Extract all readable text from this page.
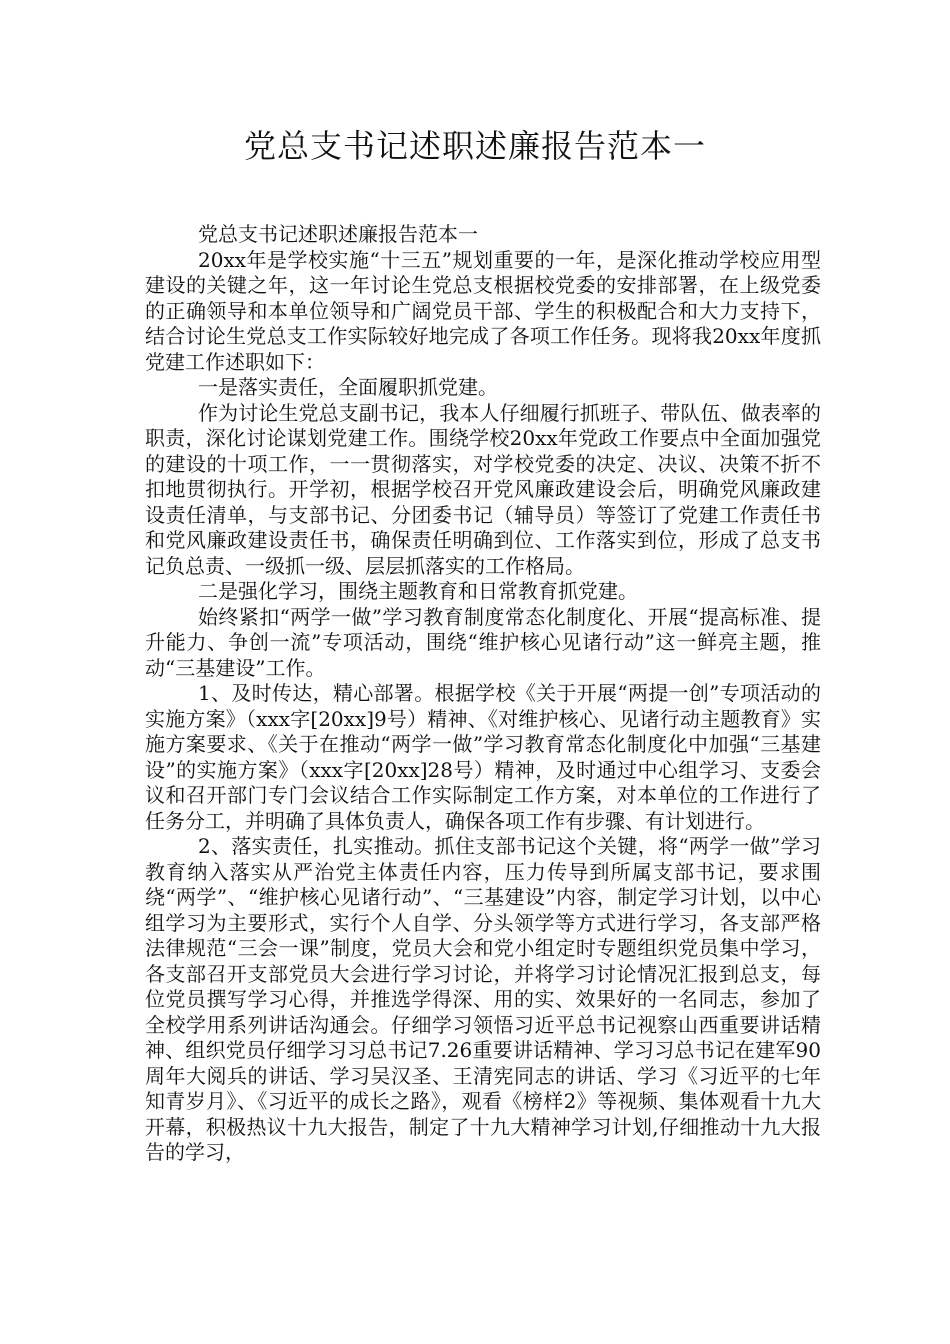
党总支书记述职述廉报告范本一

党总支书记述职述廉报告范本一

20xx年是学校实施“十三五”规划重要的一年，是深化推动学校应用型建设的关键之年，这一年讨论生党总支根据校党委的安排部署，在上级党委的正确领导和本单位领导和广阔党员干部、学生的积极配合和大力支持下，结合讨论生党总支工作实际较好地完成了各项工作任务。现将我20xx年度抓党建工作述职如下：

一是落实责任，全面履职抓党建。

作为讨论生党总支副书记，我本人仔细履行抓班子、带队伍、做表率的职责，深化讨论谋划党建工作。围绕学校20xx年党政工作要点中全面加强党的建设的十项工作，一一贯彻落实，对学校党委的决定、决议、决策不折不扣地贯彻执行。开学初，根据学校召开党风廉政建设会后，明确党风廉政建设责任清单，与支部书记、分团委书记（辅导员）等签订了党建工作责任书和党风廉政建设责任书，确保责任明确到位、工作落实到位，形成了总支书记负总责、一级抓一级、层层抓落实的工作格局。

二是强化学习，围绕主题教育和日常教育抓党建。

始终紧扣“两学一做”学习教育制度常态化制度化、开展“提高标准、提升能力、争创一流”专项活动，围绕“维护核心见诸行动”这一鲜亮主题，推动“三基建设”工作。

1、及时传达，精心部署。根据学校《关于开展“两提一创”专项活动的实施方案》（xxx字[20xx]9号）精神、《对维护核心、见诸行动主题教育》实施方案要求、《关于在推动“两学一做”学习教育常态化制度化中加强“三基建设”的实施方案》（xxx字[20xx]28号）精神，及时通过中心组学习、支委会议和召开部门专门会议结合工作实际制定工作方案，对本单位的工作进行了任务分工，并明确了具体负责人，确保各项工作有步骤、有计划进行。

2、落实责任，扎实推动。抓住支部书记这个关键，将“两学一做”学习教育纳入落实从严治党主体责任内容，压力传导到所属支部书记，要求围绕“两学”、“维护核心见诸行动”、“三基建设”内容，制定学习计划，以中心组学习为主要形式，实行个人自学、分头领学等方式进行学习，各支部严格法律规范“三会一课”制度，党员大会和党小组定时专题组织党员集中学习，各支部召开支部党员大会进行学习讨论，并将学习讨论情况汇报到总支，每位党员撰写学习心得，并推选学得深、用的实、效果好的一名同志，参加了全校学用系列讲话沟通会。仔细学习领悟习近平总书记视察山西重要讲话精神、组织党员仔细学习习总书记7.26重要讲话精神、学习习总书记在建军90周年大阅兵的讲话、学习吴汉圣、王清宪同志的讲话、学习《习近平的七年知青岁月》、《习近平的成长之路》，观看《榜样2》等视频、集体观看十九大开幕，积极热议十九大报告，制定了十九大精神学习计划,仔细推动十九大报告的学习，
